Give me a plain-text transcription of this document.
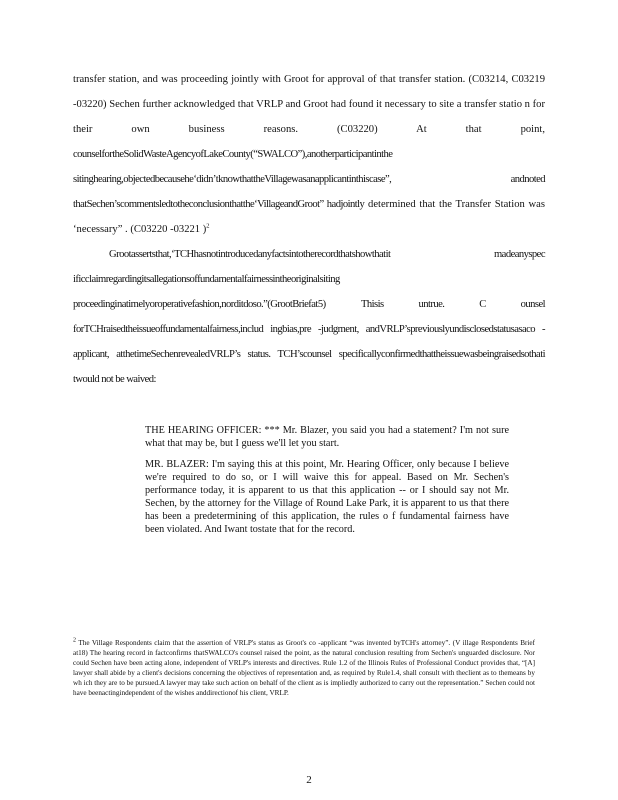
transfer station, and was proceeding jointly with Groot for approval of that transfer station. (C03214, C03219 -03220) Sechen further acknowledged that VRLP and Groot had found it necessary to site a transfer statio n for their own business reasons. (C03220) At that point, counselfortheSolidWasteAgencyofLakeCounty(“SWALCO”),anotherparticipantinthe sitinghearing,objectedbecausehe‘didn’tknowthattheVillagewasanapplicantinthiscase”, andnoted thatSechen’scommentsledtotheconclusionthatthe‘VillageandGroot” hadjointly determined that the Transfer Station was ‘necessary” . (C03220 -03221 )$^2$

Grootassertsthat,‘TCHhasnotintroducedanyfactsintotherecordthatshowthatit madeanyspec ificclaimregardingitsallegationsoffundamentalfairnessintheoriginalsiting proceedinginatimelyoroperativefashion,norditdoso.”(GrootBriefat5)	Thisis untrue. C ounsel forTCHraisedtheissueoffundamentalfairness,includ ingbias,pre -judgment, andVRLP’spreviouslyundisclosedstatusasaco -applicant, atthetimeSechenrevealedVRLP’s status. TCH’scounsel specificallyconfirmedthattheissuewasbeingraisedsothati twould not be waived:

THE HEARING OFFICER: *** Mr. Blazer, you said you had a statement? I'm not sure what that may be, but I guess we'll let you start.

MR. BLAZER: I'm saying this at this point, Mr. Hearing Officer, only because I believe we're required to do so, or I will waive this for appeal. Based on Mr. Sechen's performance today, it is apparent to us that this application -- or I should say not Mr. Sechen, by the attorney for the Village of Round Lake Park, it is apparent to us that there has been a predetermining of this application, the rules o f fundamental fairness have been violated. And Iwant tostate that for the record.

$^2$ The Village Respondents claim that the assertion of VRLP's status as Groot's co -applicant “was invented byTCH's attorney”. (V illage Respondents Brief at18) The hearing record in factconfirms thatSWALCO's counsel raised the point, as the natural conclusion resulting from Sechen's unguarded disclosure. Nor could Sechen have been acting alone, independent of VRLP's interests and directives. Rule 1.2 of the Illinois Rules of Professional Conduct provides that, “[A] lawyer shall abide by a client's decisions concerning the objectives of representation and, as required by Rule1.4, shall consult with theclient as to themeans by wh ich they are to be pursued.A lawyer may take such action on behalf of the client as is impliedly authorized to carry out the representation.” Sechen could not have beenactingindependent of the wishes anddirectionof his client, VRLP.
2
